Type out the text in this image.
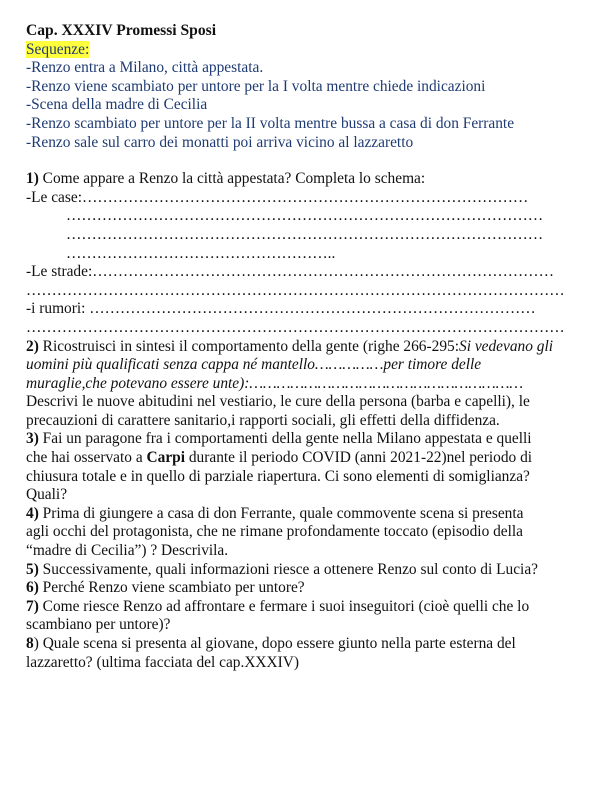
Cap. XXXIV Promessi Sposi

Sequenze:

-Renzo entra a Milano, città appestata.

-Renzo viene scambiato per untore per la I volta mentre chiede indicazioni

-Scena della madre di Cecilia

-Renzo scambiato per untore per la II volta mentre bussa a casa di don Ferrante

-Renzo sale sul carro dei monatti poi arriva vicino al lazzaretto

1) Come appare a Renzo la città appestata? Completa lo schema:

-Le case:……………………………………………………………………………

…………………………………………………………………………………

…………………………………………………………………………………

……………………………………………..

-Le strade:………………………………………………………………………………

……………………………………………………………………………………………

-i rumori: ……………………………………………………………………………

……………………………………………………………………………………………

2) Ricostruisci in sintesi il comportamento della gente (righe 266-295:Si vedevano gli

uomini più qualificati senza cappa né mantello……………per timore delle

muraglie,che potevano essere unte):……………………………………………………

Descrivi le nuove abitudini nel vestiario, le cure della persona (barba e capelli), le

precauzioni di carattere sanitario,i rapporti sociali, gli effetti della diffidenza.

3) Fai un paragone fra i comportamenti della gente nella Milano appestata e quelli

che hai osservato a Carpi durante il periodo COVID (anni 2021-22)nel periodo di

chiusura totale e in quello di parziale riapertura. Ci sono elementi di somiglianza?

Quali?

4) Prima di giungere a casa di don Ferrante, quale commovente scena si presenta

agli occhi del protagonista, che ne rimane profondamente toccato (episodio della

“madre di Cecilia”) ? Descrivila.

5) Successivamente, quali informazioni riesce a ottenere Renzo sul conto di Lucia?

6) Perché Renzo viene scambiato per untore?

7) Come riesce Renzo ad affrontare e fermare i suoi inseguitori (cioè quelli che lo

scambiano per untore)?

8) Quale scena si presenta al giovane, dopo essere giunto nella parte esterna del

lazzaretto? (ultima facciata del cap.XXXIV)
